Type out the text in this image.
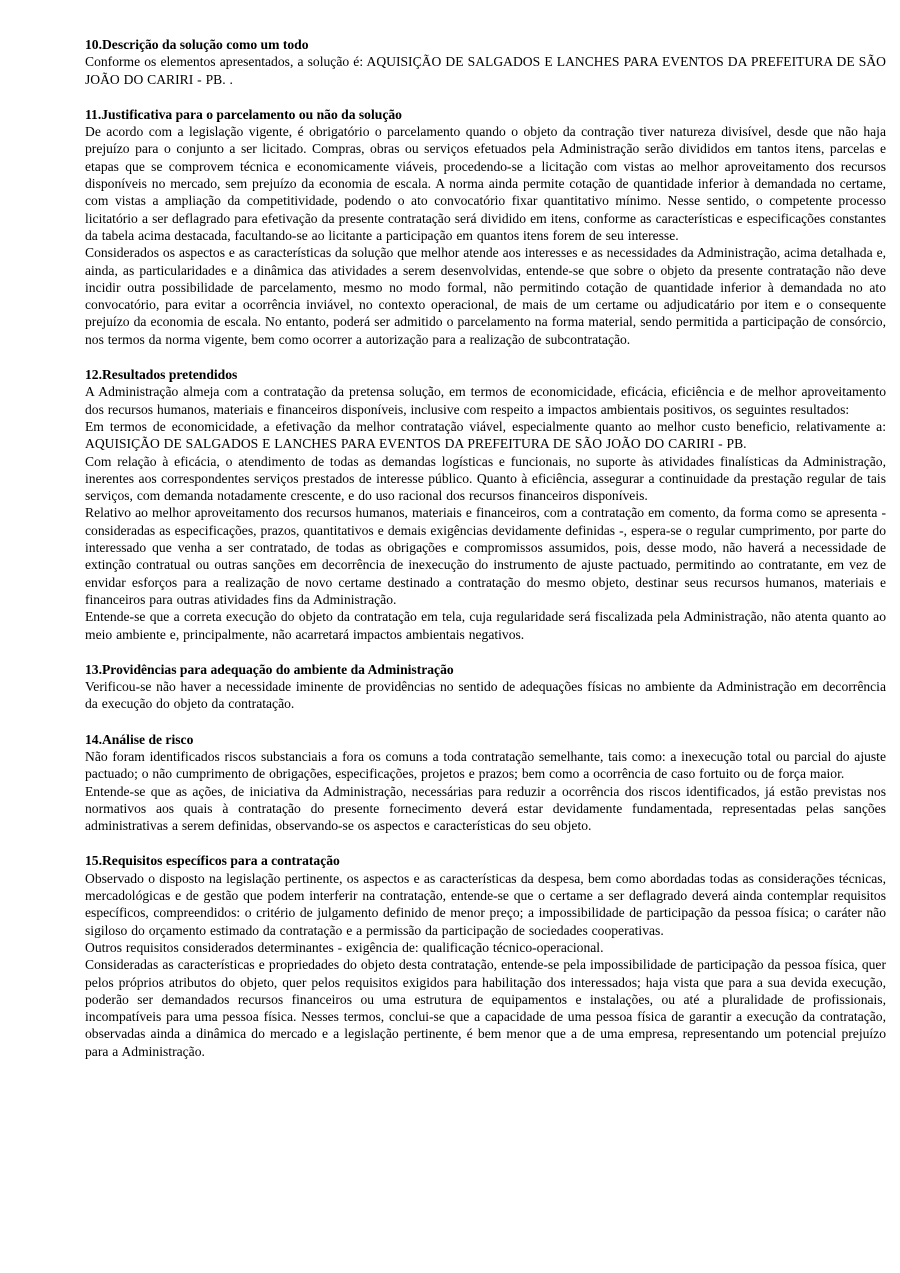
10.Descrição da solução como um todo

Conforme os elementos apresentados, a solução é: AQUISIÇÃO DE SALGADOS E LANCHES PARA EVENTOS DA PREFEITURA DE SÃO JOÃO DO CARIRI - PB. .

11.Justificativa para o parcelamento ou não da solução

De acordo com a legislação vigente, é obrigatório o parcelamento quando o objeto da contração tiver natureza divisível, desde que não haja prejuízo para o conjunto a ser licitado. Compras, obras ou serviços efetuados pela Administração serão divididos em tantos itens, parcelas e etapas que se comprovem técnica e economicamente viáveis, procedendo-se a licitação com vistas ao melhor aproveitamento dos recursos disponíveis no mercado, sem prejuízo da economia de escala. A norma ainda permite cotação de quantidade inferior à demandada no certame, com vistas a ampliação da competitividade, podendo o ato convocatório fixar quantitativo mínimo. Nesse sentido, o competente processo licitatório a ser deflagrado para efetivação da presente contratação será dividido em itens, conforme as características e especificações constantes da tabela acima destacada, facultando-se ao licitante a participação em quantos itens forem de seu interesse.

Considerados os aspectos e as características da solução que melhor atende aos interesses e as necessidades da Administração, acima detalhada e, ainda, as particularidades e a dinâmica das atividades a serem desenvolvidas, entende-se que sobre o objeto da presente contratação não deve incidir outra possibilidade de parcelamento, mesmo no modo formal, não permitindo cotação de quantidade inferior à demandada no ato convocatório, para evitar a ocorrência inviável, no contexto operacional, de mais de um certame ou adjudicatário por item e o consequente prejuízo da economia de escala. No entanto, poderá ser admitido o parcelamento na forma material, sendo permitida a participação de consórcio, nos termos da norma vigente, bem como ocorrer a autorização para a realização de subcontratação.

12.Resultados pretendidos

A Administração almeja com a contratação da pretensa solução, em termos de economicidade, eficácia, eficiência e de melhor aproveitamento dos recursos humanos, materiais e financeiros disponíveis, inclusive com respeito a impactos ambientais positivos, os seguintes resultados:

Em termos de economicidade, a efetivação da melhor contratação viável, especialmente quanto ao melhor custo beneficio, relativamente a: AQUISIÇÃO DE SALGADOS E LANCHES PARA EVENTOS DA PREFEITURA DE SÃO JOÃO DO CARIRI - PB.

Com relação à eficácia, o atendimento de todas as demandas logísticas e funcionais, no suporte às atividades finalísticas da Administração, inerentes aos correspondentes serviços prestados de interesse público. Quanto à eficiência, assegurar a continuidade da prestação regular de tais serviços, com demanda notadamente crescente, e do uso racional dos recursos financeiros disponíveis.

Relativo ao melhor aproveitamento dos recursos humanos, materiais e financeiros, com a contratação em comento, da forma como se apresenta - consideradas as especificações, prazos, quantitativos e demais exigências devidamente definidas -, espera-se o regular cumprimento, por parte do interessado que venha a ser contratado, de todas as obrigações e compromissos assumidos, pois, desse modo, não haverá a necessidade de extinção contratual ou outras sanções em decorrência de inexecução do instrumento de ajuste pactuado, permitindo ao contratante, em vez de envidar esforços para a realização de novo certame destinado a contratação do mesmo objeto, destinar seus recursos humanos, materiais e financeiros para outras atividades fins da Administração.

Entende-se que a correta execução do objeto da contratação em tela, cuja regularidade será fiscalizada pela Administração, não atenta quanto ao meio ambiente e, principalmente, não acarretará impactos ambientais negativos.

13.Providências para adequação do ambiente da Administração

Verificou-se não haver a necessidade iminente de providências no sentido de adequações físicas no ambiente da Administração em decorrência da execução do objeto da contratação.

14.Análise de risco

Não foram identificados riscos substanciais a fora os comuns a toda contratação semelhante, tais como: a inexecução total ou parcial do ajuste pactuado; o não cumprimento de obrigações, especificações, projetos e prazos; bem como a ocorrência de caso fortuito ou de força maior.

Entende-se que as ações, de iniciativa da Administração, necessárias para reduzir a ocorrência dos riscos identificados, já estão previstas nos normativos aos quais à contratação do presente fornecimento deverá estar devidamente fundamentada, representadas pelas sanções administrativas a serem definidas, observando-se os aspectos e características do seu objeto.

15.Requisitos específicos para a contratação

Observado o disposto na legislação pertinente, os aspectos e as características da despesa, bem como abordadas todas as considerações técnicas, mercadológicas e de gestão que podem interferir na contratação, entende-se que o certame a ser deflagrado deverá ainda contemplar requisitos específicos, compreendidos: o critério de julgamento definido de menor preço; a impossibilidade de participação da pessoa física; o caráter não sigiloso do orçamento estimado da contratação e a permissão da participação de sociedades cooperativas.

Outros requisitos considerados determinantes - exigência de: qualificação técnico-operacional.

Consideradas as características e propriedades do objeto desta contratação, entende-se pela impossibilidade de participação da pessoa física, quer pelos próprios atributos do objeto, quer pelos requisitos exigidos para habilitação dos interessados; haja vista que para a sua devida execução, poderão ser demandados recursos financeiros ou uma estrutura de equipamentos e instalações, ou até a pluralidade de profissionais, incompatíveis para uma pessoa física. Nesses termos, conclui-se que a capacidade de uma pessoa física de garantir a execução da contratação, observadas ainda a dinâmica do mercado e a legislação pertinente, é bem menor que a de uma empresa, representando um potencial prejuízo para a Administração.
